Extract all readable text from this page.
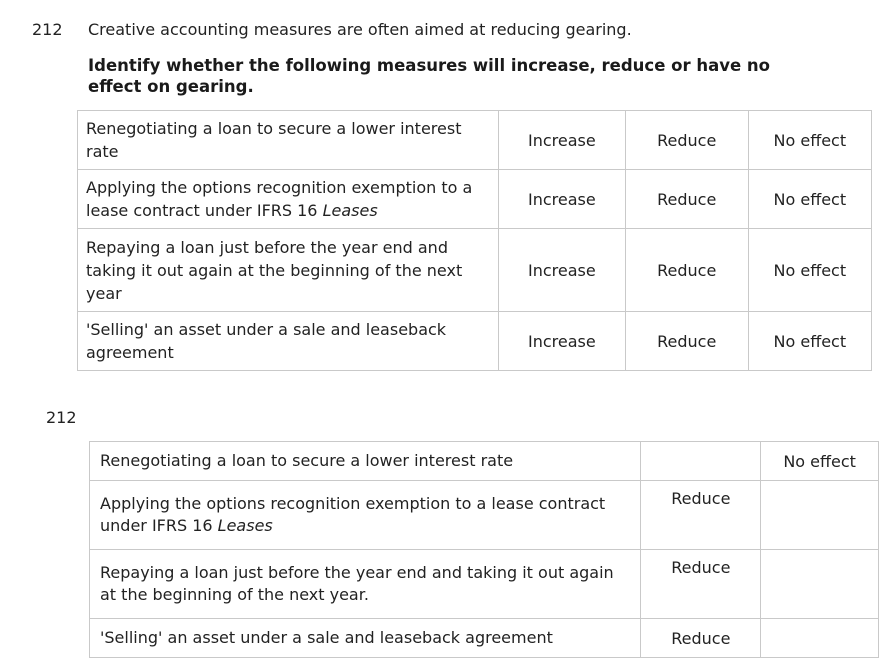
212 Creative accounting measures are often aimed at reducing gearing.
Identify whether the following measures will increase, reduce or have no effect on gearing.
Renegotiating a loan to secure a lower interest rate	Increase	Reduce	No effect
Applying the options recognition exemption to a lease contract under IFRS 16 Leases	Increase	Reduce	No effect
Repaying a loan just before the year end and taking it out again at the beginning of the next year	Increase	Reduce	No effect
'Selling' an asset under a sale and leaseback agreement	Increase	Reduce	No effect
212
Renegotiating a loan to secure a lower interest rate		No effect
Applying the options recognition exemption to a lease contract under IFRS 16 Leases	Reduce	
Repaying a loan just before the year end and taking it out again at the beginning of the next year.	Reduce	
'Selling' an asset under a sale and leaseback agreement	Reduce	
